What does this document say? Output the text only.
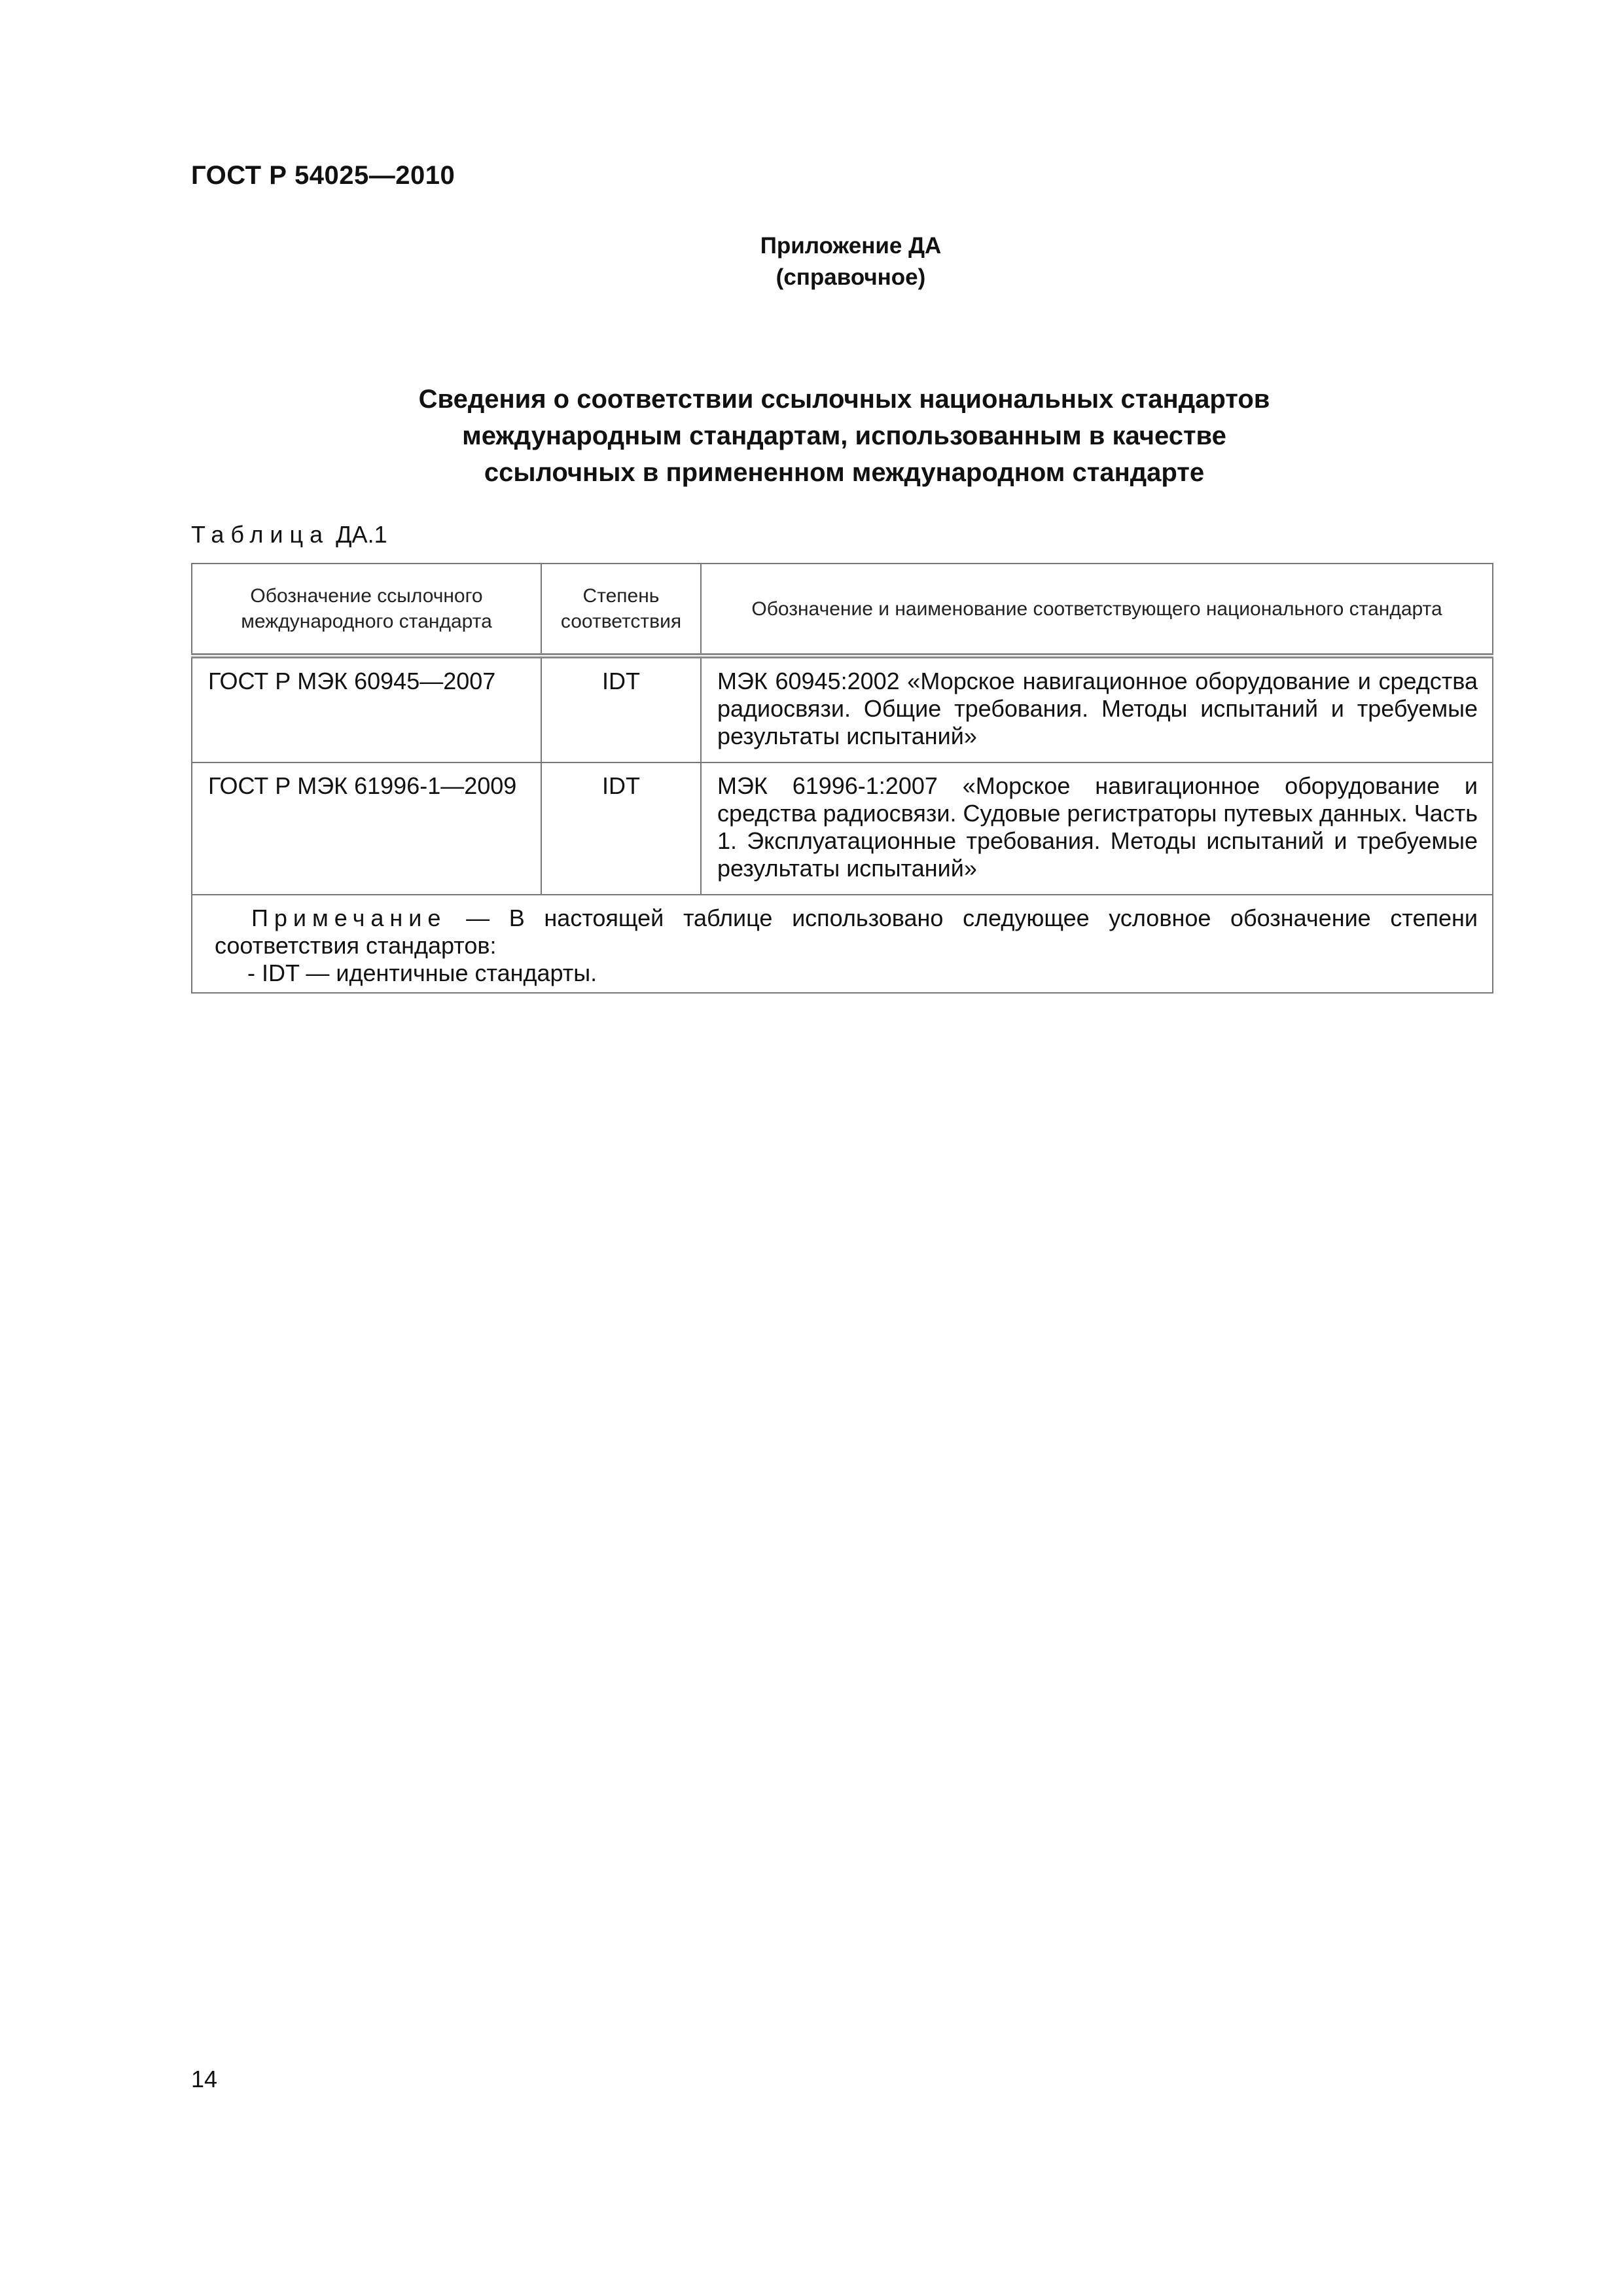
ГОСТ Р 54025—2010
Приложение ДА
(справочное)
Сведения о соответствии ссылочных национальных стандартов
международным стандартам, использованным в качестве
ссылочных в примененном международном стандарте
Таблица ДА.1
Обозначение ссылочного международного стандарта	Степень соответствия	Обозначение и наименование соответствующего национального стандарта
ГОСТ Р МЭК 60945—2007	IDT	МЭК 60945:2002 «Морское навигационное оборудование и средства радиосвязи. Общие требования. Методы испытаний и требуемые результаты испытаний»
ГОСТ Р МЭК 61996-1—2009	IDT	МЭК 61996-1:2007 «Морское навигационное оборудование и средства радиосвязи. Судовые регистраторы путевых данных. Часть 1. Эксплуатационные требования. Методы испытаний и требуемые результаты испытаний»

Примечание — В настоящей таблице использовано следующее условное обозначение степени соответствия стандартов:
- IDT — идентичные стандарты.		
14
